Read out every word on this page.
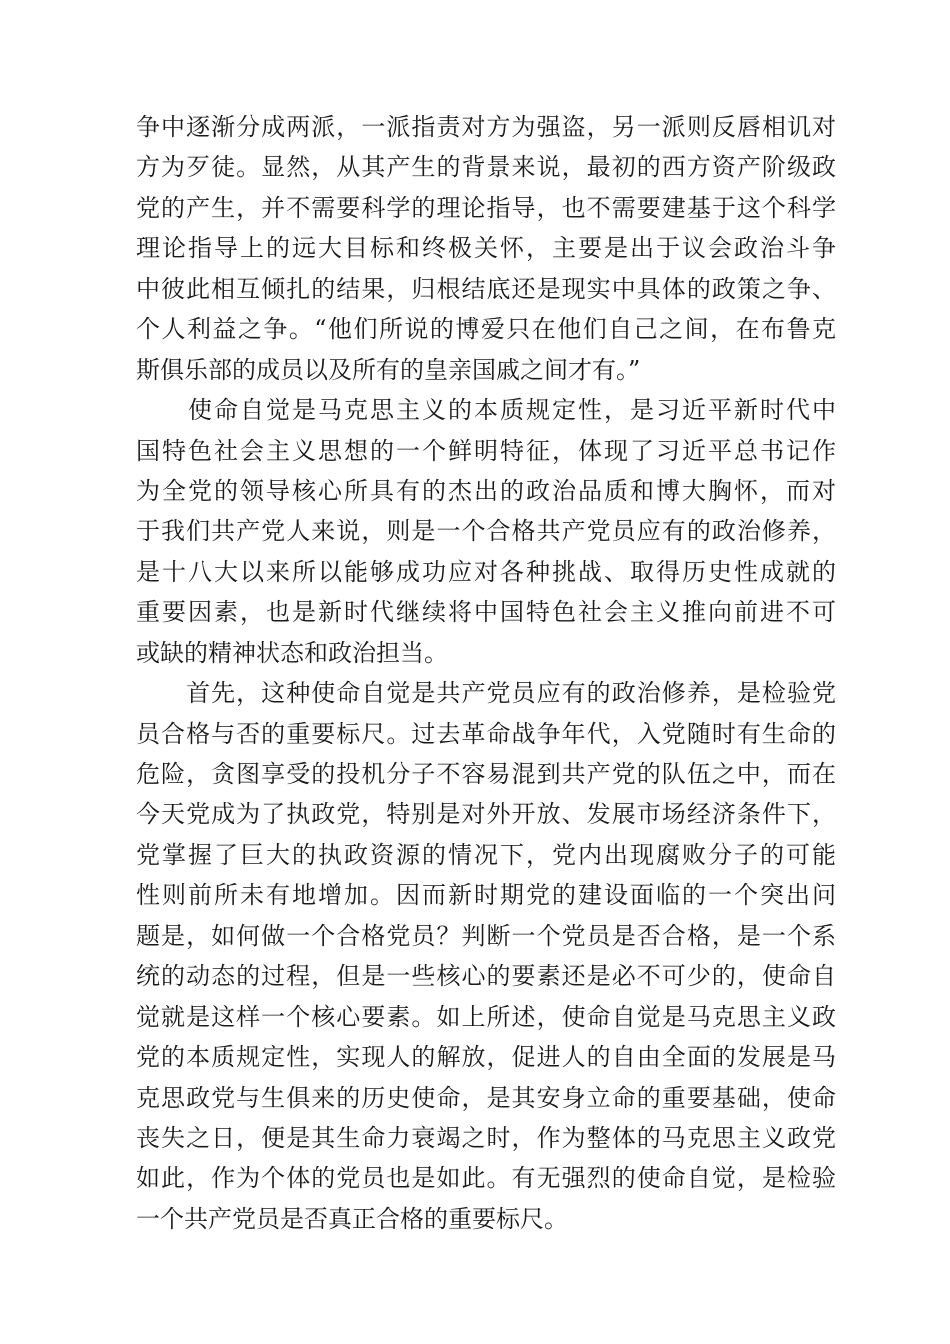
争中逐渐分成两派，一派指责对方为强盗，另一派则反唇相讥对
方为歹徒。显然，从其产生的背景来说，最初的西方资产阶级政
党的产生，并不需要科学的理论指导，也不需要建基于这个科学
理论指导上的远大目标和终极关怀，主要是出于议会政治斗争
中彼此相互倾扎的结果，归根结底还是现实中具体的政策之争、
个人利益之争。“他们所说的博爱只在他们自己之间，在布鲁克
斯俱乐部的成员以及所有的皇亲国戚之间才有。”
　　使命自觉是马克思主义的本质规定性，是习近平新时代中
国特色社会主义思想的一个鲜明特征，体现了习近平总书记作
为全党的领导核心所具有的杰出的政治品质和博大胸怀，而对
于我们共产党人来说，则是一个合格共产党员应有的政治修养，
是十八大以来所以能够成功应对各种挑战、取得历史性成就的
重要因素，也是新时代继续将中国特色社会主义推向前进不可
或缺的精神状态和政治担当。
　　首先，这种使命自觉是共产党员应有的政治修养，是检验党
员合格与否的重要标尺。过去革命战争年代，入党随时有生命的
危险，贪图享受的投机分子不容易混到共产党的队伍之中，而在
今天党成为了执政党，特别是对外开放、发展市场经济条件下，
党掌握了巨大的执政资源的情况下，党内出现腐败分子的可能
性则前所未有地增加。因而新时期党的建设面临的一个突出问
题是，如何做一个合格党员？判断一个党员是否合格，是一个系
统的动态的过程，但是一些核心的要素还是必不可少的，使命自
觉就是这样一个核心要素。如上所述，使命自觉是马克思主义政
党的本质规定性，实现人的解放，促进人的自由全面的发展是马
克思政党与生俱来的历史使命，是其安身立命的重要基础，使命
丧失之日，便是其生命力衰竭之时，作为整体的马克思主义政党
如此，作为个体的党员也是如此。有无强烈的使命自觉，是检验
一个共产党员是否真正合格的重要标尺。
